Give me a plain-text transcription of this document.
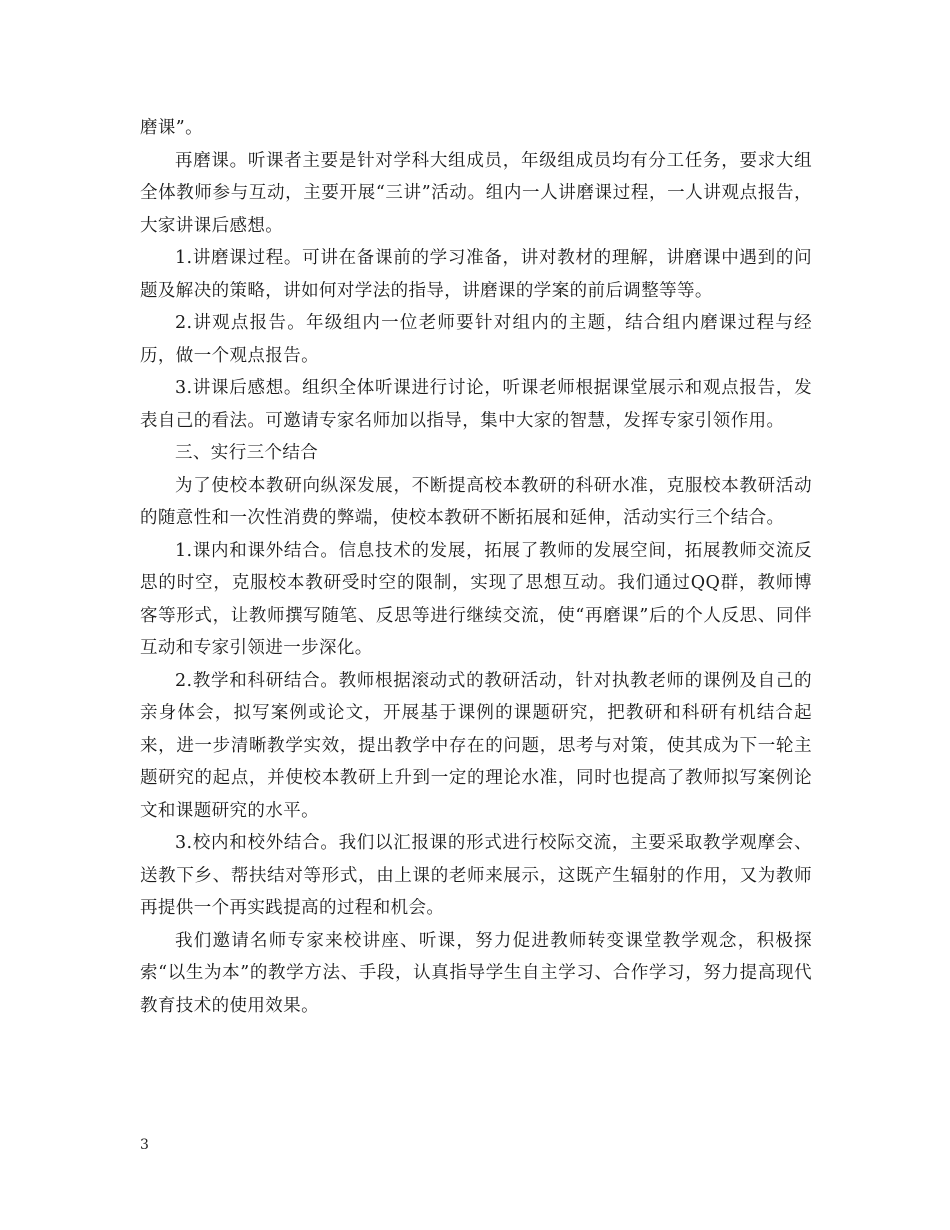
磨课”。

再磨课。听课者主要是针对学科大组成员，年级组成员均有分工任务，要求大组全体教师参与互动，主要开展“三讲”活动。组内一人讲磨课过程，一人讲观点报告，大家讲课后感想。

1.讲磨课过程。可讲在备课前的学习准备，讲对教材的理解，讲磨课中遇到的问题及解决的策略，讲如何对学法的指导，讲磨课的学案的前后调整等等。

2.讲观点报告。年级组内一位老师要针对组内的主题，结合组内磨课过程与经历，做一个观点报告。

3.讲课后感想。组织全体听课进行讨论，听课老师根据课堂展示和观点报告，发表自己的看法。可邀请专家名师加以指导，集中大家的智慧，发挥专家引领作用。

三、实行三个结合

为了使校本教研向纵深发展，不断提高校本教研的科研水准，克服校本教研活动的随意性和一次性消费的弊端，使校本教研不断拓展和延伸，活动实行三个结合。

1.课内和课外结合。信息技术的发展，拓展了教师的发展空间，拓展教师交流反思的时空，克服校本教研受时空的限制，实现了思想互动。我们通过QQ群，教师博客等形式，让教师撰写随笔、反思等进行继续交流，使“再磨课”后的个人反思、同伴互动和专家引领进一步深化。

2.教学和科研结合。教师根据滚动式的教研活动，针对执教老师的课例及自己的亲身体会，拟写案例或论文，开展基于课例的课题研究，把教研和科研有机结合起来，进一步清晰教学实效，提出教学中存在的问题，思考与对策，使其成为下一轮主题研究的起点，并使校本教研上升到一定的理论水准，同时也提高了教师拟写案例论文和课题研究的水平。

3.校内和校外结合。我们以汇报课的形式进行校际交流，主要采取教学观摩会、送教下乡、帮扶结对等形式，由上课的老师来展示，这既产生辐射的作用，又为教师再提供一个再实践提高的过程和机会。

我们邀请名师专家来校讲座、听课，努力促进教师转变课堂教学观念，积极探索“以生为本”的教学方法、手段，认真指导学生自主学习、合作学习，努力提高现代教育技术的使用效果。

3
